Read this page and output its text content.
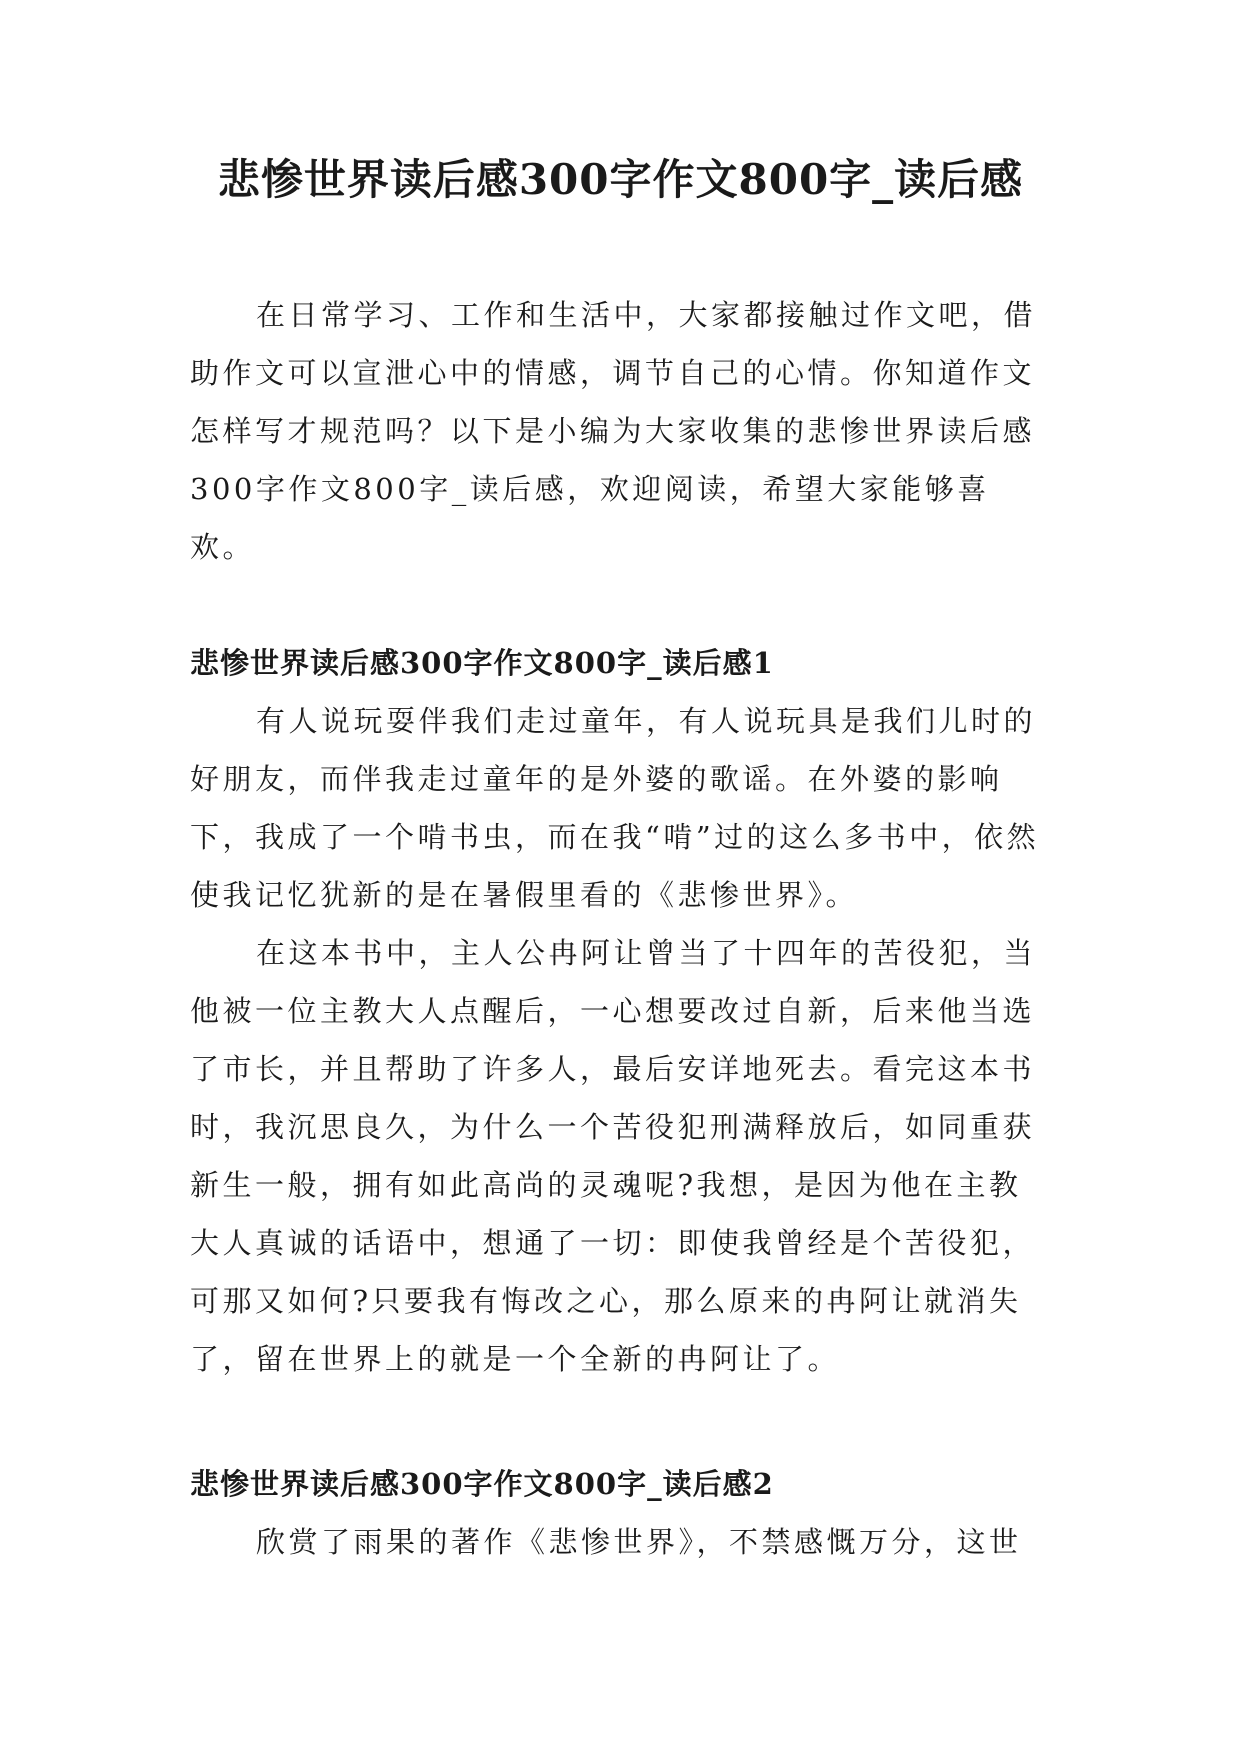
悲惨世界读后感300字作文800字_读后感

在日常学习、工作和生活中，大家都接触过作文吧，借助作文可以宣泄心中的情感，调节自己的心情。你知道作文怎样写才规范吗？以下是小编为大家收集的悲惨世界读后感300字作文800字_读后感，欢迎阅读，希望大家能够喜欢。

悲惨世界读后感300字作文800字_读后感1

有人说玩耍伴我们走过童年，有人说玩具是我们儿时的好朋友，而伴我走过童年的是外婆的歌谣。在外婆的影响下，我成了一个啃书虫，而在我“啃”过的这么多书中，依然使我记忆犹新的是在暑假里看的《悲惨世界》。

在这本书中，主人公冉阿让曾当了十四年的苦役犯，当他被一位主教大人点醒后，一心想要改过自新，后来他当选了市长，并且帮助了许多人，最后安详地死去。看完这本书时，我沉思良久，为什么一个苦役犯刑满释放后，如同重获新生一般，拥有如此高尚的灵魂呢?我想，是因为他在主教大人真诚的话语中，想通了一切：即使我曾经是个苦役犯，可那又如何?只要我有悔改之心，那么原来的冉阿让就消失了，留在世界上的就是一个全新的冉阿让了。

悲惨世界读后感300字作文800字_读后感2

欣赏了雨果的著作《悲惨世界》，不禁感慨万分，这世
